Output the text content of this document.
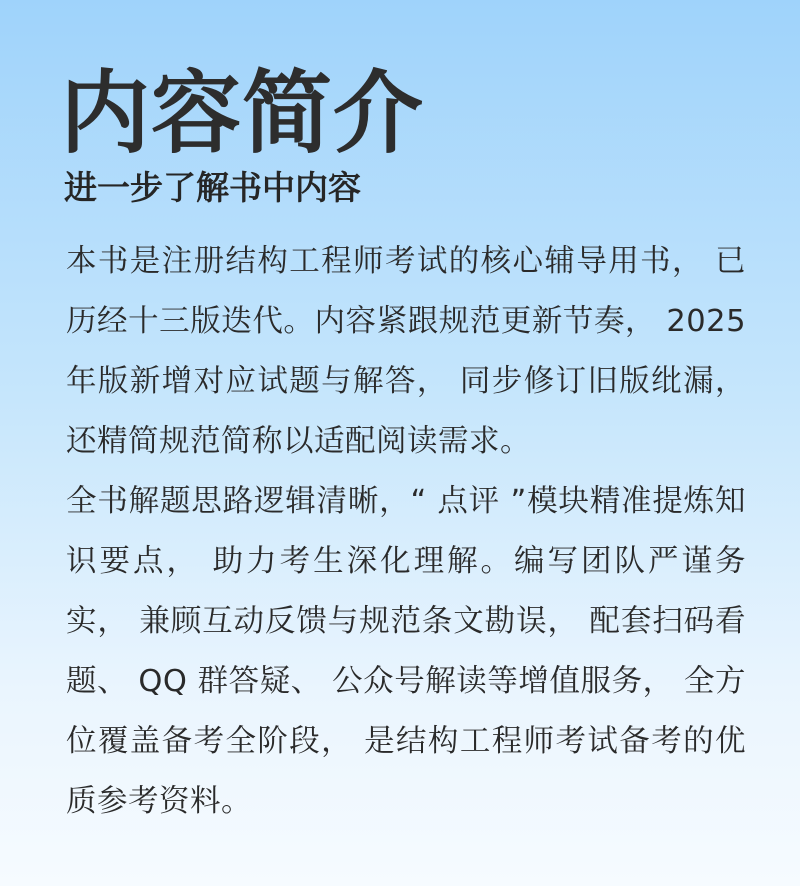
内容简介
进一步了解书中内容

本书是注册结构工程师考试的核心辅导用书， 已历经十三版迭代。内容紧跟规范更新节奏， 2025 年版新增对应试题与解答， 同步修订旧版纰漏， 还精简规范简称以适配阅读需求。

全书解题思路逻辑清晰，“ 点评 ”模块精准提炼知识要点， 助力考生深化理解。编写团队严谨务实， 兼顾互动反馈与规范条文勘误， 配套扫码看题、 QQ 群答疑、 公众号解读等增值服务， 全方位覆盖备考全阶段， 是结构工程师考试备考的优质参考资料。
